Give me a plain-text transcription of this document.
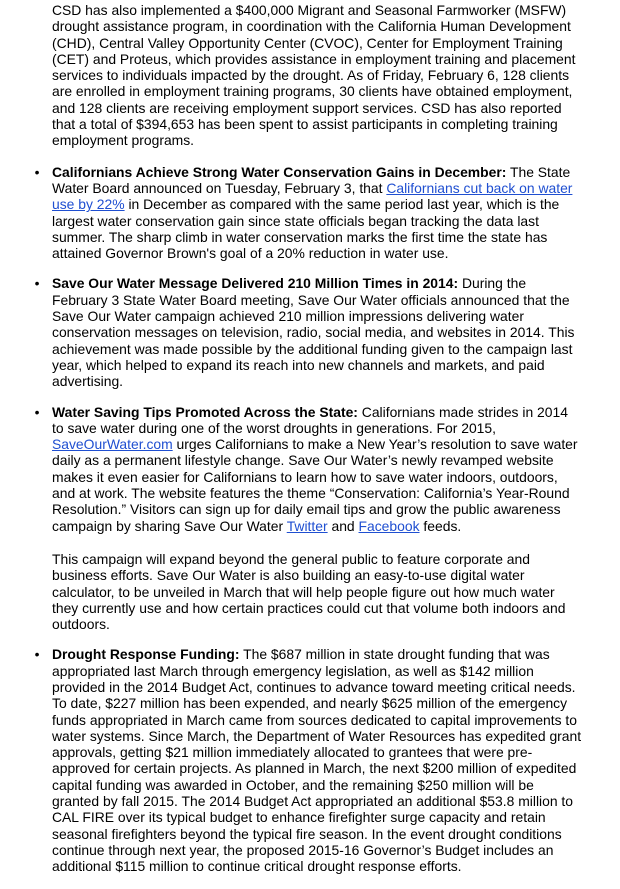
CSD has also implemented a $400,000 Migrant and Seasonal Farmworker (MSFW) drought assistance program, in coordination with the California Human Development (CHD), Central Valley Opportunity Center (CVOC), Center for Employment Training (CET) and Proteus, which provides assistance in employment training and placement services to individuals impacted by the drought. As of Friday, February 6, 128 clients are enrolled in employment training programs, 30 clients have obtained employment, and 128 clients are receiving employment support services. CSD has also reported that a total of $394,653 has been spent to assist participants in completing training employment programs.

• Californians Achieve Strong Water Conservation Gains in December: The State Water Board announced on Tuesday, February 3, that Californians cut back on water use by 22% in December as compared with the same period last year, which is the largest water conservation gain since state officials began tracking the data last summer. The sharp climb in water conservation marks the first time the state has attained Governor Brown's goal of a 20% reduction in water use.

• Save Our Water Message Delivered 210 Million Times in 2014: During the February 3 State Water Board meeting, Save Our Water officials announced that the Save Our Water campaign achieved 210 million impressions delivering water conservation messages on television, radio, social media, and websites in 2014. This achievement was made possible by the additional funding given to the campaign last year, which helped to expand its reach into new channels and markets, and paid advertising.

• Water Saving Tips Promoted Across the State: Californians made strides in 2014 to save water during one of the worst droughts in generations. For 2015, SaveOurWater.com urges Californians to make a New Year’s resolution to save water daily as a permanent lifestyle change. Save Our Water’s newly revamped website makes it even easier for Californians to learn how to save water indoors, outdoors, and at work. The website features the theme “Conservation: California’s Year-Round Resolution.” Visitors can sign up for daily email tips and grow the public awareness campaign by sharing Save Our Water Twitter and Facebook feeds.

This campaign will expand beyond the general public to feature corporate and business efforts. Save Our Water is also building an easy-to-use digital water calculator, to be unveiled in March that will help people figure out how much water they currently use and how certain practices could cut that volume both indoors and outdoors.

• Drought Response Funding: The $687 million in state drought funding that was appropriated last March through emergency legislation, as well as $142 million provided in the 2014 Budget Act, continues to advance toward meeting critical needs. To date, $227 million has been expended, and nearly $625 million of the emergency funds appropriated in March came from sources dedicated to capital improvements to water systems. Since March, the Department of Water Resources has expedited grant approvals, getting $21 million immediately allocated to grantees that were pre-approved for certain projects. As planned in March, the next $200 million of expedited capital funding was awarded in October, and the remaining $250 million will be granted by fall 2015. The 2014 Budget Act appropriated an additional $53.8 million to CAL FIRE over its typical budget to enhance firefighter surge capacity and retain seasonal firefighters beyond the typical fire season. In the event drought conditions continue through next year, the proposed 2015-16 Governor’s Budget includes an additional $115 million to continue critical drought response efforts.
